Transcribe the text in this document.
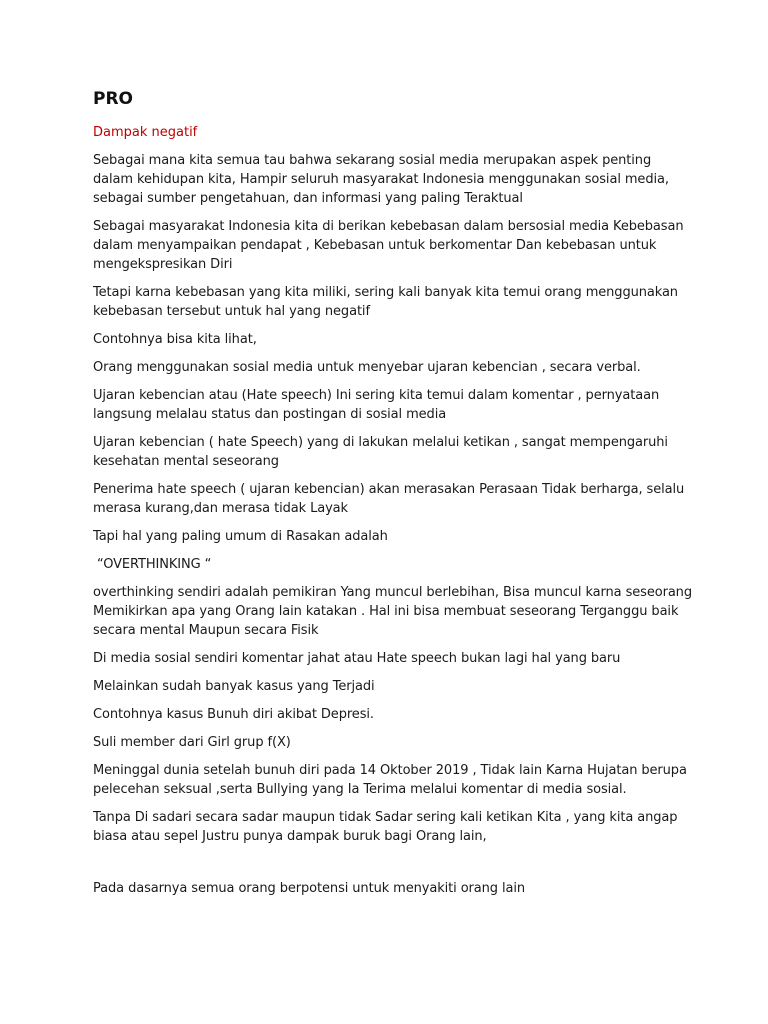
PRO
Dampak negatif

Sebagai mana kita semua tau bahwa sekarang sosial media merupakan aspek penting dalam kehidupan kita, Hampir seluruh masyarakat Indonesia menggunakan sosial media, sebagai sumber pengetahuan, dan informasi yang paling Teraktual

Sebagai masyarakat Indonesia kita di berikan kebebasan dalam bersosial media Kebebasan dalam menyampaikan pendapat , Kebebasan untuk berkomentar Dan kebebasan untuk mengekspresikan Diri

Tetapi karna kebebasan yang kita miliki, sering kali banyak kita temui orang menggunakan kebebasan tersebut untuk hal yang negatif

Contohnya bisa kita lihat,

Orang menggunakan sosial media untuk menyebar ujaran kebencian , secara verbal.

Ujaran kebencian atau (Hate speech) Ini sering kita temui dalam komentar , pernyataan langsung melalau status dan postingan di sosial media

Ujaran kebencian ( hate Speech) yang di lakukan melalui ketikan , sangat mempengaruhi kesehatan mental seseorang

Penerima hate speech ( ujaran kebencian) akan merasakan Perasaan Tidak berharga, selalu merasa kurang,dan merasa tidak Layak

Tapi hal yang paling umum di Rasakan adalah

“OVERTHINKING “

overthinking sendiri adalah pemikiran Yang muncul berlebihan, Bisa muncul karna seseorang Memikirkan apa yang Orang lain katakan . Hal ini bisa membuat seseorang Terganggu baik secara mental Maupun secara Fisik

Di media sosial sendiri komentar jahat atau Hate speech bukan lagi hal yang baru

Melainkan sudah banyak kasus yang Terjadi

Contohnya kasus Bunuh diri akibat Depresi.

Suli member dari Girl grup f(X)

Meninggal dunia setelah bunuh diri pada 14 Oktober 2019 , Tidak lain Karna Hujatan berupa pelecehan seksual ,serta Bullying yang Ia Terima melalui komentar di media sosial.

Tanpa Di sadari secara sadar maupun tidak Sadar sering kali ketikan Kita , yang kita angap biasa atau sepel Justru punya dampak buruk bagi Orang lain,

Pada dasarnya semua orang berpotensi untuk menyakiti orang lain
